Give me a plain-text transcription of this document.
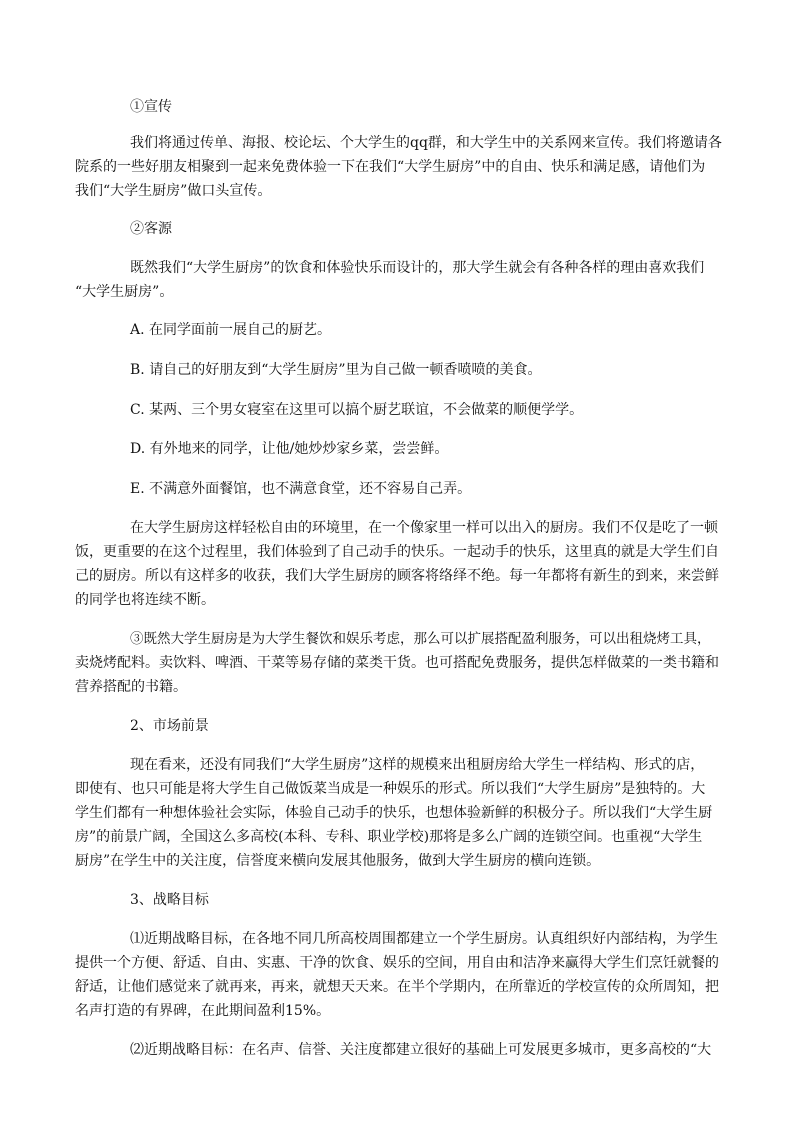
①宣传
我们将通过传单、海报、校论坛、个大学生的qq群，和大学生中的关系网来宣传。我们将邀请各
院系的一些好朋友相聚到一起来免费体验一下在我们“大学生厨房”中的自由、快乐和满足感，请他们为
我们“大学生厨房”做口头宣传。
②客源
既然我们“大学生厨房”的饮食和体验快乐而设计的，那大学生就会有各种各样的理由喜欢我们
“大学生厨房”。
A. 在同学面前一展自己的厨艺。
B. 请自己的好朋友到“大学生厨房”里为自己做一顿香喷喷的美食。
C. 某两、三个男女寝室在这里可以搞个厨艺联谊，不会做菜的顺便学学。
D. 有外地来的同学，让他/她炒炒家乡菜，尝尝鲜。
E. 不满意外面餐馆，也不满意食堂，还不容易自己弄。
在大学生厨房这样轻松自由的环境里，在一个像家里一样可以出入的厨房。我们不仅是吃了一顿
饭，更重要的在这个过程里，我们体验到了自己动手的快乐。一起动手的快乐，这里真的就是大学生们自
己的厨房。所以有这样多的收获，我们大学生厨房的顾客将络绎不绝。每一年都将有新生的到来，来尝鲜
的同学也将连续不断。
③既然大学生厨房是为大学生餐饮和娱乐考虑，那么可以扩展搭配盈利服务，可以出租烧烤工具，
卖烧烤配料。卖饮料、啤酒、干菜等易存储的菜类干货。也可搭配免费服务，提供怎样做菜的一类书籍和
营养搭配的书籍。
2、市场前景
现在看来，还没有同我们“大学生厨房”这样的规模来出租厨房给大学生一样结构、形式的店，
即使有、也只可能是将大学生自己做饭菜当成是一种娱乐的形式。所以我们“大学生厨房”是独特的。大
学生们都有一种想体验社会实际，体验自己动手的快乐，也想体验新鲜的积极分子。所以我们“大学生厨
房”的前景广阔，全国这么多高校(本科、专科、职业学校)那将是多么广阔的连锁空间。也重视“大学生
厨房”在学生中的关注度，信誉度来横向发展其他服务，做到大学生厨房的横向连锁。
3、战略目标
⑴近期战略目标，在各地不同几所高校周围都建立一个学生厨房。认真组织好内部结构，为学生
提供一个方便、舒适、自由、实惠、干净的饮食、娱乐的空间，用自由和洁净来赢得大学生们烹饪就餐的
舒适，让他们感觉来了就再来，再来，就想天天来。在半个学期内，在所靠近的学校宣传的众所周知，把
名声打造的有界碑，在此期间盈利15%。
⑵近期战略目标：在名声、信誉、关注度都建立很好的基础上可发展更多城市，更多高校的“大
